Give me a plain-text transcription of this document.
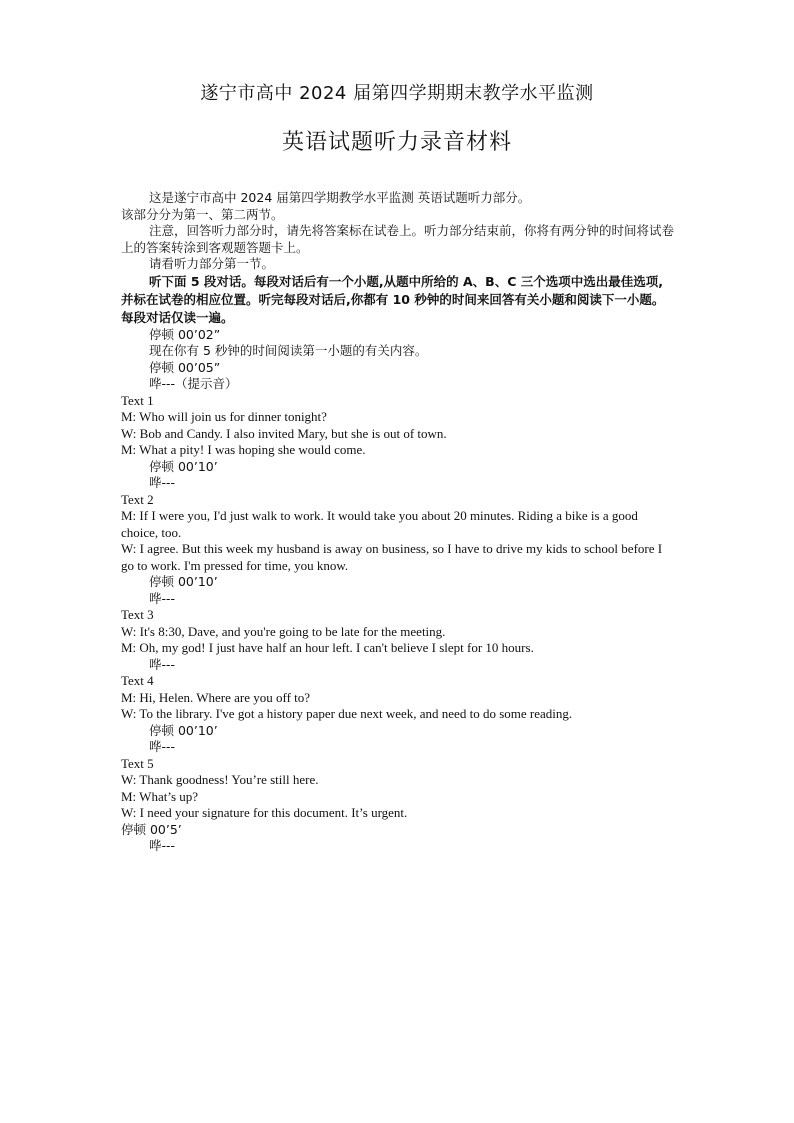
遂宁市高中 2024 届第四学期期末教学水平监测
英语试题听力录音材料

这是遂宁市高中 2024 届第四学期教学水平监测 英语试题听力部分。

该部分分为第一、第二两节。

注意，回答听力部分时，请先将答案标在试卷上。听力部分结束前，你将有两分钟的时间将试卷上的答案转涂到客观题答题卡上。

请看听力部分第一节。

听下面 5 段对话。每段对话后有一个小题,从题中所给的 A、B、C 三个选项中选出最佳选项,并标在试卷的相应位置。听完每段对话后,你都有 10 秒钟的时间来回答有关小题和阅读下一小题。每段对话仅读一遍。

停顿 00’02”

现在你有 5 秒钟的时间阅读第一小题的有关内容。

停顿 00’05”

哗---（提示音）

Text 1

M: Who will join us for dinner tonight?

W: Bob and Candy. I also invited Mary, but she is out of town.

M: What a pity! I was hoping she would come.

停顿 00’10’

哗---

Text 2

M: If I were you, I'd just walk to work. It would take you about 20 minutes. Riding a bike is a good choice, too.

W: I agree. But this week my husband is away on business, so I have to drive my kids to school before I go to work. I'm pressed for time, you know.

停顿 00’10’

哗---

Text 3

W: It's 8:30, Dave, and you're going to be late for the meeting.

M: Oh, my god! I just have half an hour left. I can't believe I slept for 10 hours.

哗---

Text 4

M: Hi, Helen. Where are you off to?

W: To the library. I've got a history paper due next week, and need to do some reading.

停顿 00’10’

哗---

Text 5

W: Thank goodness! You’re still here.

M: What’s up?

W: I need your signature for this document. It’s urgent.

停顿 00’5’

哗---
